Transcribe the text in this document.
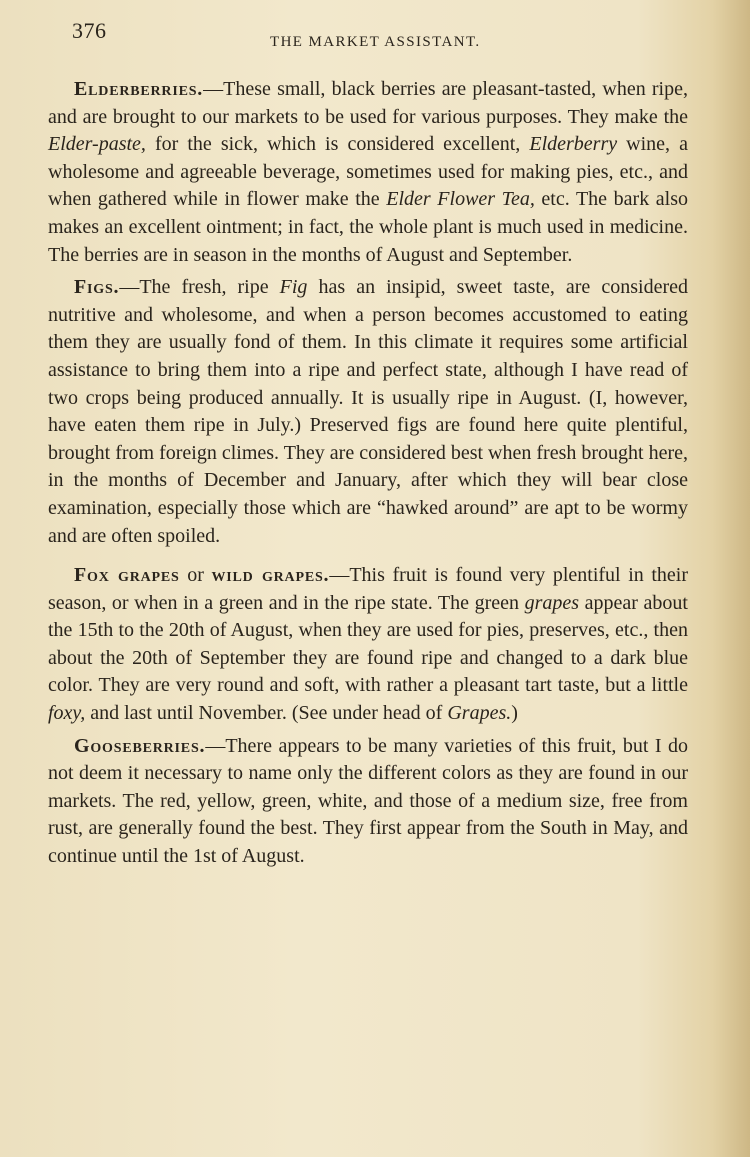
376	THE MARKET ASSISTANT.

Elderberries.—These small, black berries are pleasant-tasted, when ripe, and are brought to our markets to be used for various purposes. They make the Elder-paste, for the sick, which is considered excellent, Elderberry wine, a wholesome and agreeable beverage, sometimes used for making pies, etc., and when gathered while in flower make the Elder Flower Tea, etc. The bark also makes an excellent ointment; in fact, the whole plant is much used in medicine. The berries are in season in the months of August and September.

Figs.—The fresh, ripe Fig has an insipid, sweet taste, are considered nutritive and wholesome, and when a person becomes accustomed to eating them they are usually fond of them. In this climate it requires some artificial assistance to bring them into a ripe and perfect state, although I have read of two crops being produced annually. It is usually ripe in August. (I, however, have eaten them ripe in July.) Preserved figs are found here quite plentiful, brought from foreign climes. They are considered best when fresh brought here, in the months of December and January, after which they will bear close examination, especially those which are “hawked around” are apt to be wormy and are often spoiled.

Fox grapes or wild grapes.—This fruit is found very plentiful in their season, or when in a green and in the ripe state. The green grapes appear about the 15th to the 20th of August, when they are used for pies, preserves, etc., then about the 20th of September they are found ripe and changed to a dark blue color. They are very round and soft, with rather a pleasant tart taste, but a little foxy, and last until November. (See under head of Grapes.)

Gooseberries.—There appears to be many varieties of this fruit, but I do not deem it necessary to name only the different colors as they are found in our markets. The red, yellow, green, white, and those of a medium size, free from rust, are generally found the best. They first appear from the South in May, and continue until the 1st of August.
